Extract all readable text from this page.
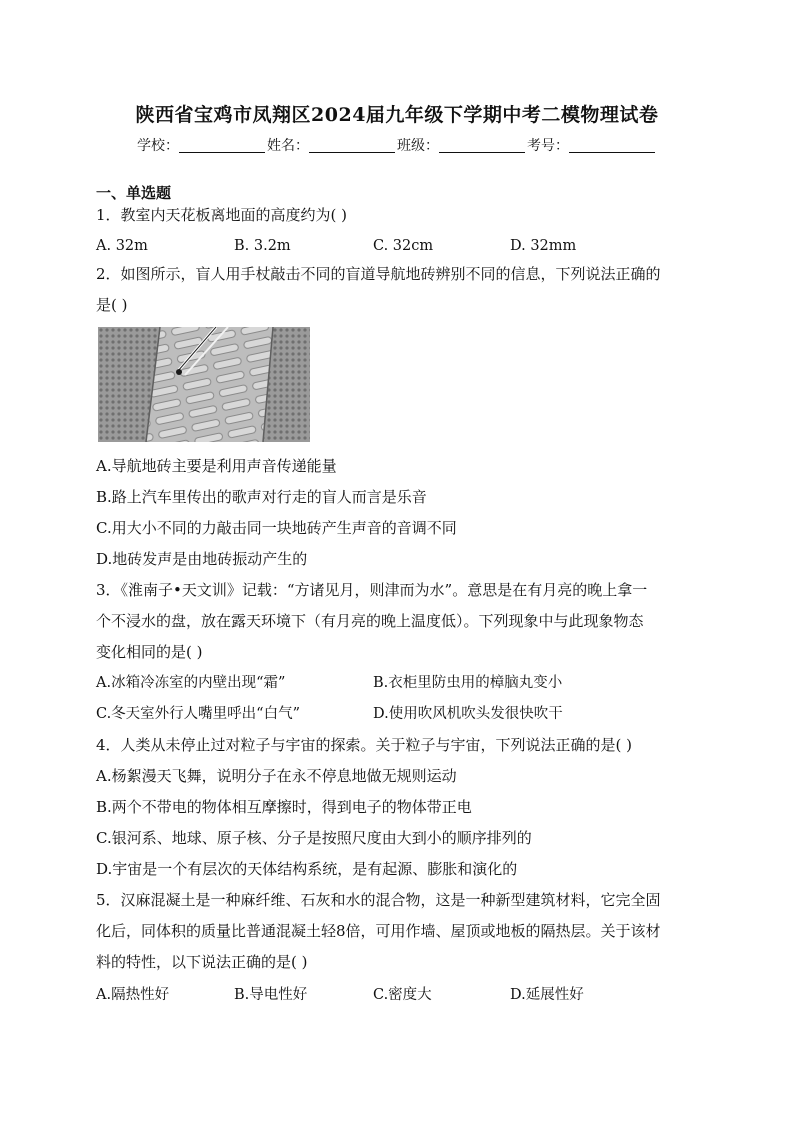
陕西省宝鸡市凤翔区2024届九年级下学期中考二模物理试卷
学校：	姓名：	班级：	考号：
一、单选题
1．教室内天花板离地面的高度约为( )
A. 32m	B. 3.2m	C. 32cm	D. 32mm
2．如图所示，盲人用手杖敲击不同的盲道导航地砖辨别不同的信息，下列说法正确的
是( )
A.导航地砖主要是利用声音传递能量
B.路上汽车里传出的歌声对行走的盲人而言是乐音
C.用大小不同的力敲击同一块地砖产生声音的音调不同
D.地砖发声是由地砖振动产生的
3．《淮南子•天文训》记载：“方诸见月，则津而为水”。意思是在有月亮的晚上拿一
个不浸水的盘，放在露天环境下（有月亮的晚上温度低）。下列现象中与此现象物态
变化相同的是( )
A.冰箱冷冻室的内壁出现“霜”	B.衣柜里防虫用的樟脑丸变小
C.冬天室外行人嘴里呼出“白气”	D.使用吹风机吹头发很快吹干
4．人类从未停止过对粒子与宇宙的探索。关于粒子与宇宙，下列说法正确的是( )
A.杨絮漫天飞舞，说明分子在永不停息地做无规则运动
B.两个不带电的物体相互摩擦时，得到电子的物体带正电
C.银河系、地球、原子核、分子是按照尺度由大到小的顺序排列的
D.宇宙是一个有层次的天体结构系统，是有起源、膨胀和演化的
5．汉麻混凝土是一种麻纤维、石灰和水的混合物，这是一种新型建筑材料，它完全固
化后，同体积的质量比普通混凝土轻8倍，可用作墙、屋顶或地板的隔热层。关于该材
料的特性，以下说法正确的是( )
A.隔热性好	B.导电性好	C.密度大	D.延展性好
